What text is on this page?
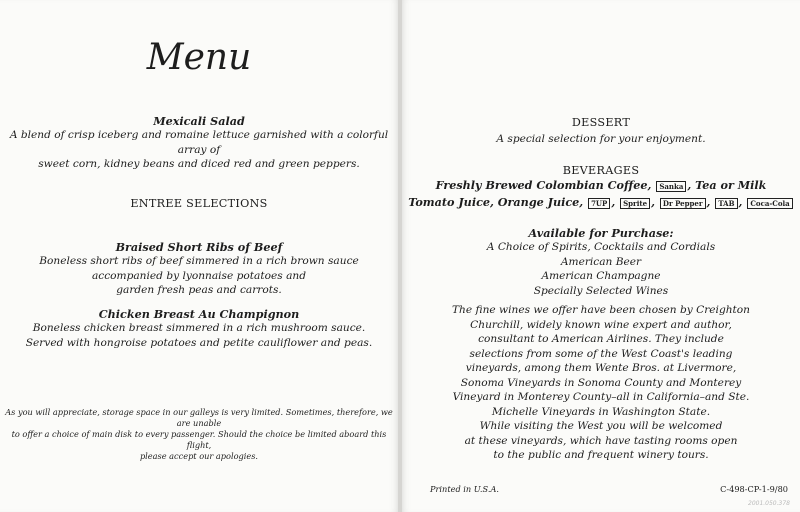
Menu
Mexicali Salad
A blend of crisp iceberg and romaine lettuce garnished with a colorful array of
sweet corn, kidney beans and diced red and green peppers.
ENTREE SELECTIONS
Braised Short Ribs of Beef
Boneless short ribs of beef simmered in a rich brown sauce
accompanied by lyonnaise potatoes and
garden fresh peas and carrots.
Chicken Breast Au Champignon
Boneless chicken breast simmered in a rich mushroom sauce.
Served with hongroise potatoes and petite cauliflower and peas.
As you will appreciate, storage space in our galleys is very limited. Sometimes, therefore, we are unable
to offer a choice of main disk to every passenger. Should the choice be limited aboard this flight,
please accept our apologies.
DESSERT
A special selection for your enjoyment.
BEVERAGES
Freshly Brewed Colombian Coffee, Sanka , Tea or Milk
Tomato Juice, Orange Juice, 7UP , Sprite , Dr Pepper , TAB , Coca-Cola
Available for Purchase:
A Choice of Spirits, Cocktails and Cordials
American Beer
American Champagne
Specially Selected Wines
The fine wines we offer have been chosen by Creighton
Churchill, widely known wine expert and author,
consultant to American Airlines. They include
selections from some of the West Coast's leading
vineyards, among them Wente Bros. at Livermore,
Sonoma Vineyards in Sonoma County and Monterey
Vineyard in Monterey County–all in California–and Ste.
Michelle Vineyards in Washington State.
While visiting the West you will be welcomed
at these vineyards, which have tasting rooms open
to the public and frequent winery tours.
Printed in U.S.A.	C-498-CP-1-9/80
2001.050.378
